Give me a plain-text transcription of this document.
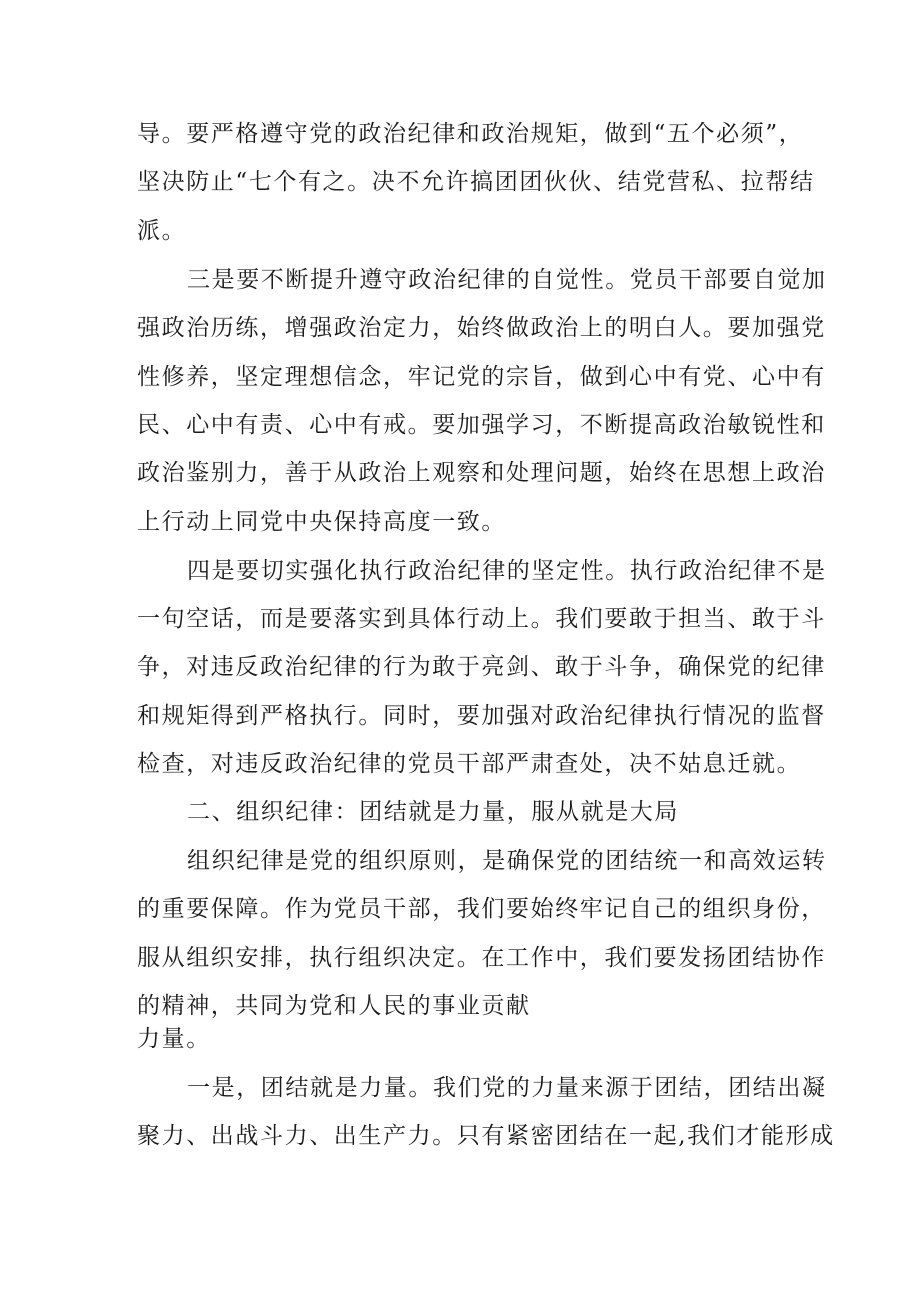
导。要严格遵守党的政治纪律和政治规矩，做到“五个必须”，
坚决防止“七个有之。决不允许搞团团伙伙、结党营私、拉帮结
派。
三是要不断提升遵守政治纪律的自觉性。党员干部要自觉加
强政治历练，增强政治定力，始终做政治上的明白人。要加强党
性修养，坚定理想信念，牢记党的宗旨，做到心中有党、心中有
民、心中有责、心中有戒。要加强学习，不断提高政治敏锐性和
政治鉴别力，善于从政治上观察和处理问题，始终在思想上政治
上行动上同党中央保持高度一致。
四是要切实强化执行政治纪律的坚定性。执行政治纪律不是
一句空话，而是要落实到具体行动上。我们要敢于担当、敢于斗
争，对违反政治纪律的行为敢于亮剑、敢于斗争，确保党的纪律
和规矩得到严格执行。同时，要加强对政治纪律执行情况的监督
检查，对违反政治纪律的党员干部严肃查处，决不姑息迁就。
二、组织纪律：团结就是力量，服从就是大局
组织纪律是党的组织原则，是确保党的团结统一和高效运转
的重要保障。作为党员干部，我们要始终牢记自己的组织身份，
服从组织安排，执行组织决定。在工作中，我们要发扬团结协作
的精神，共同为党和人民的事业贡献
力量。
一是，团结就是力量。我们党的力量来源于团结，团结出凝
聚力、出战斗力、出生产力。只有紧密团结在一起,我们才能形成
